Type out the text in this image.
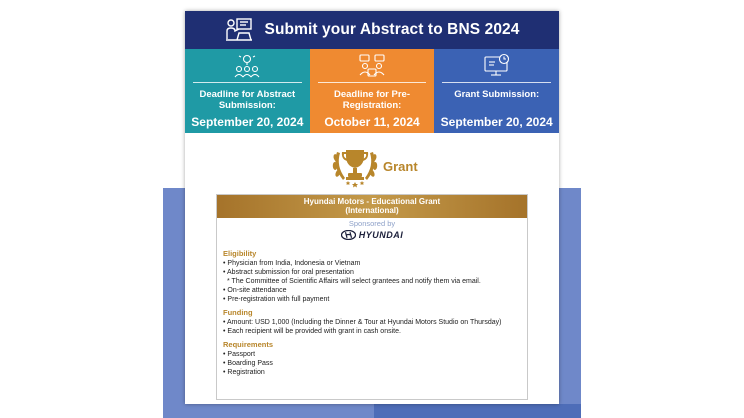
Submit your Abstract to BNS 2024
Deadline for Abstract Submission:
September 20, 2024
Deadline for Pre-Registration:
October 11, 2024
Grant Submission:
September 20, 2024
Grant
Hyundai Motors - Educational Grant
(International)
Sponsored by
HYUNDAI
Eligibility
• Physician from India, Indonesia or Vietnam
• Abstract submission for oral presentation
* The Committee of Scientific Affairs will select grantees and notify them via email.
• On-site attendance
• Pre-registration with full payment
Funding
• Amount: USD 1,000 (Including the Dinner & Tour at Hyundai Motors Studio on Thursday)
• Each recipient will be provided with grant in cash onsite.
Requirements
• Passport
• Boarding Pass
• Registration
